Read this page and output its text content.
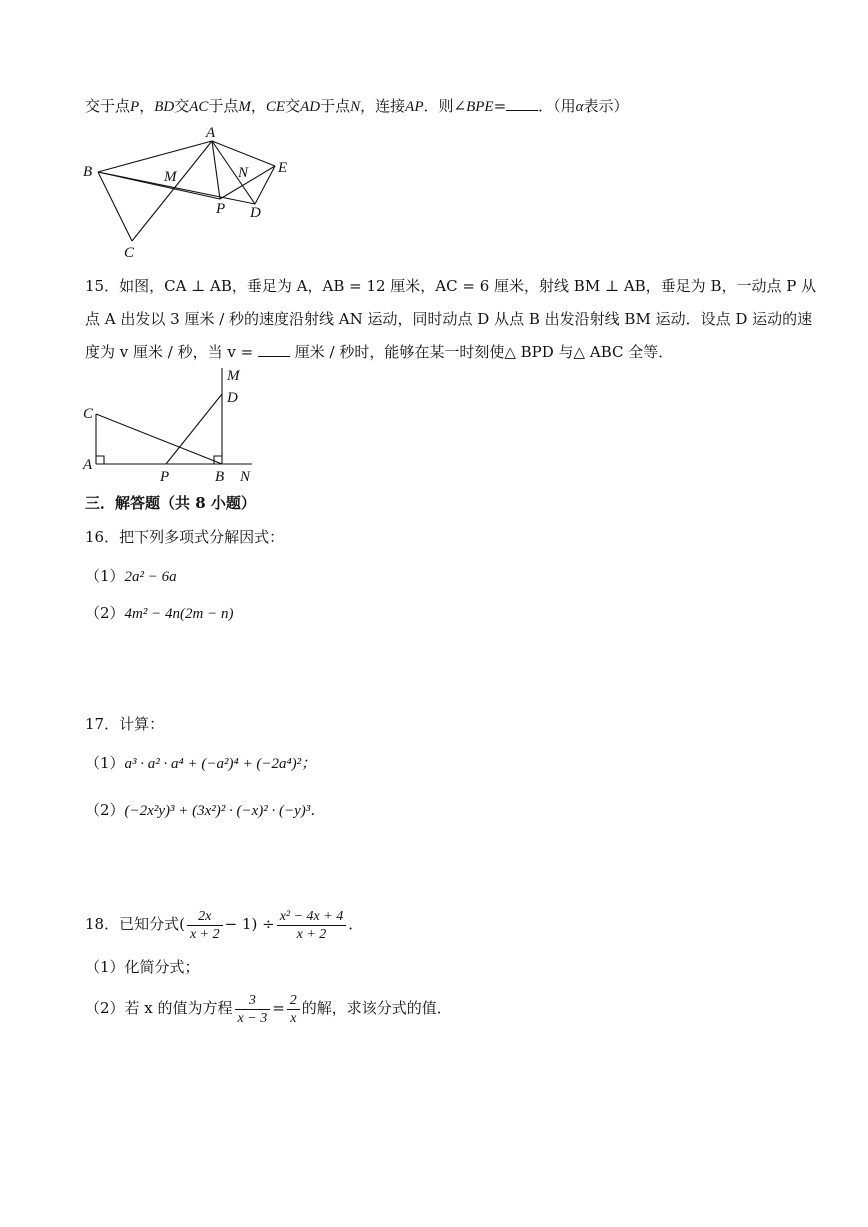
交于点P，BD交AC于点M，CE交AD于点N，连接AP．则∠BPE= ．（用α表示）
A
B	M	N E
P D
C
15．如图，CA ⊥ AB，垂足为 A，AB = 12 厘米，AC = 6 厘米，射线 BM ⊥ AB，垂足为 B，一动点 P 从
点 A 出发以 3 厘米 / 秒的速度沿射线 AN 运动，同时动点 D 从点 B 出发沿射线 BM 运动．设点 D 运动的速
度为 v 厘米 / 秒，当 v =	厘米 / 秒时，能够在某一时刻使△ BPD 与△ ABC 全等．
M
D
C
A
P	B N
三．解答题（共 8 小题）
16．把下列多项式分解因式：
（1）2a² − 6a
（2）4m² − 4n(2m − n)
17．计算：
（1）a³ · a² · a⁴ + (−a²)⁴ + (−2a⁴)²；
（2）(−2x²y)³ + (3x²)² · (−x)² · (−y)³．
18．已知分式( $\frac{2x}{x + 2} - 1) \div \frac{\text{x² − 4x + 4}}{x + 2}$ ．
（1）化简分式；
（2）若 x 的值为方程 $\frac{3}{x - 3} = \frac{2}{x}$ 的解，求该分式的值．
